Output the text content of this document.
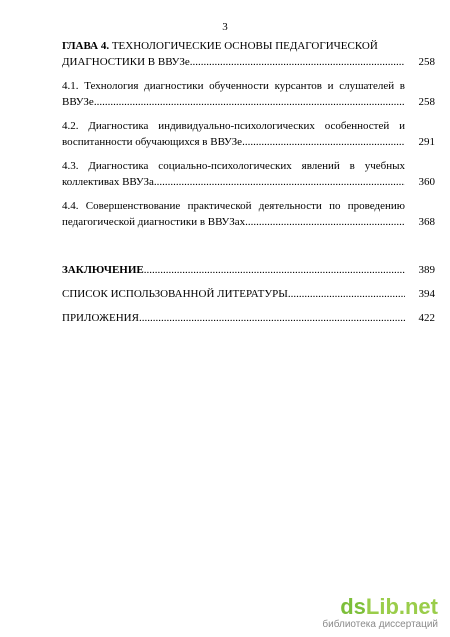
3
ГЛАВА 4. ТЕХНОЛОГИЧЕСКИЕ ОСНОВЫ ПЕДАГОГИЧЕСКОЙ
ДИАГНОСТИКИ В ВВУЗе .....	258
4.1. Технология диагностики обученности курсантов и слушателей в
ВВУЗе .....	258
4.2. Диагностика индивидуально-психологических особенностей и
воспитанности обучающихся в ВВУЗе .....	291
4.3. Диагностика социально-психологических явлений в учебных
коллективах ВВУЗа .....	360
4.4. Совершенствование практической деятельности по проведению
педагогической диагностики в ВВУЗах .....	368
ЗАКЛЮЧЕНИЕ .....	389
СПИСОК ИСПОЛЬЗОВАННОЙ ЛИТЕРАТУРЫ .....	394
ПРИЛОЖЕНИЯ .....	422
dsLib.net
библиотека диссертаций
